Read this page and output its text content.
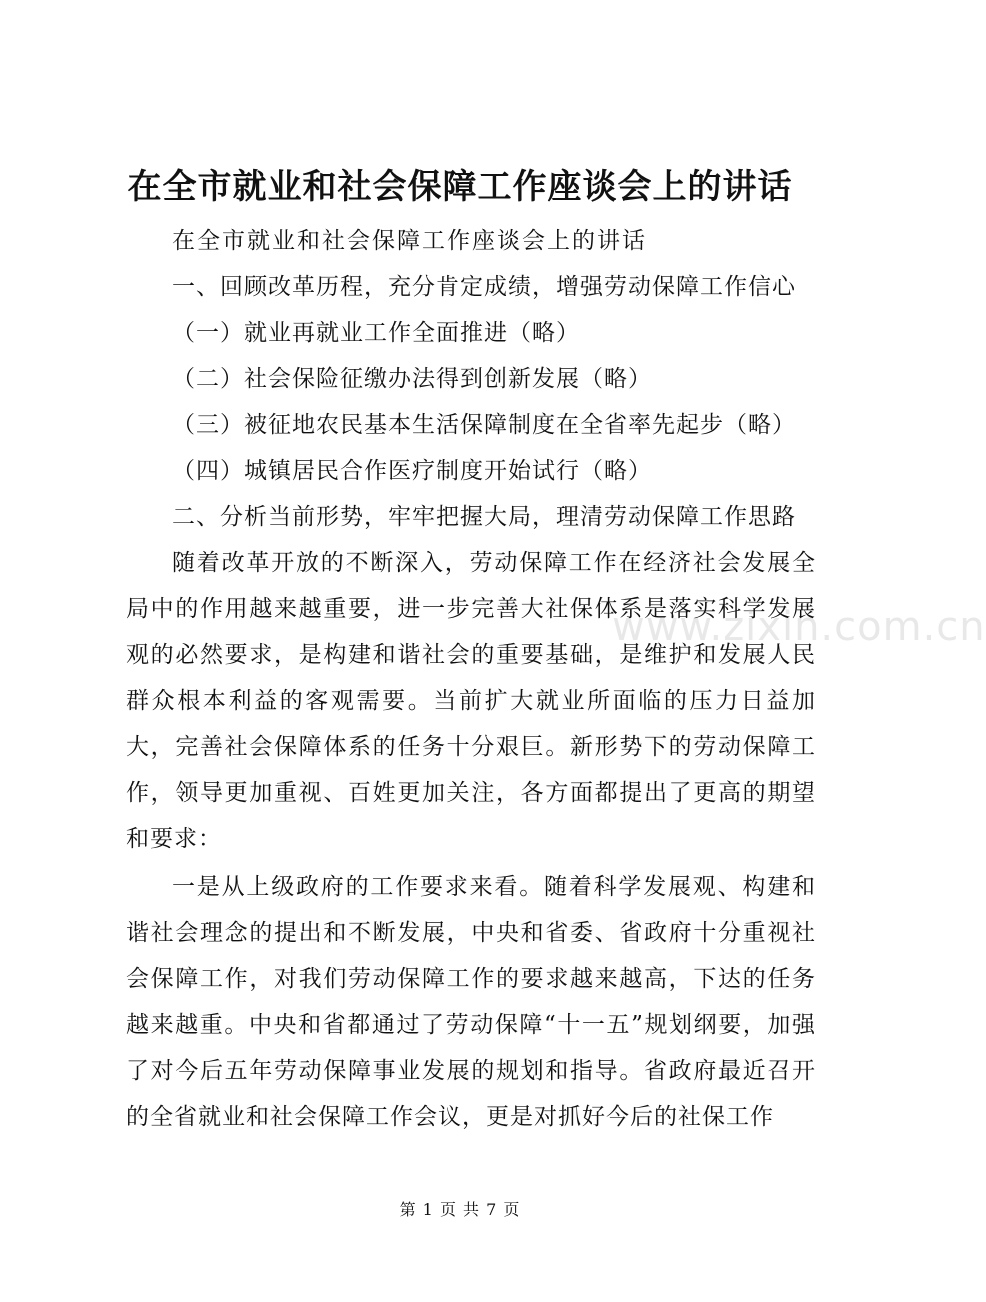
在全市就业和社会保障工作座谈会上的讲话
在全市就业和社会保障工作座谈会上的讲话
一、回顾改革历程，充分肯定成绩，增强劳动保障工作信心
（一）就业再就业工作全面推进（略）
（二）社会保险征缴办法得到创新发展（略）
（三）被征地农民基本生活保障制度在全省率先起步（略）
（四）城镇居民合作医疗制度开始试行（略）
二、分析当前形势，牢牢把握大局，理清劳动保障工作思路

随着改革开放的不断深入，劳动保障工作在经济社会发展全局中的作用越来越重要，进一步完善大社保体系是落实科学发展观的必然要求，是构建和谐社会的重要基础，是维护和发展人民群众根本利益的客观需要。当前扩大就业所面临的压力日益加大，完善社会保障体系的任务十分艰巨。新形势下的劳动保障工作，领导更加重视、百姓更加关注，各方面都提出了更高的期望和要求：

一是从上级政府的工作要求来看。随着科学发展观、构建和谐社会理念的提出和不断发展，中央和省委、省政府十分重视社会保障工作，对我们劳动保障工作的要求越来越高，下达的任务越来越重。中央和省都通过了劳动保障“十一五”规划纲要，加强了对今后五年劳动保障事业发展的规划和指导。省政府最近召开的全省就业和社会保障工作会议，更是对抓好今后的社保工作

www.zixin.com.cn
第 1 页 共 7 页
